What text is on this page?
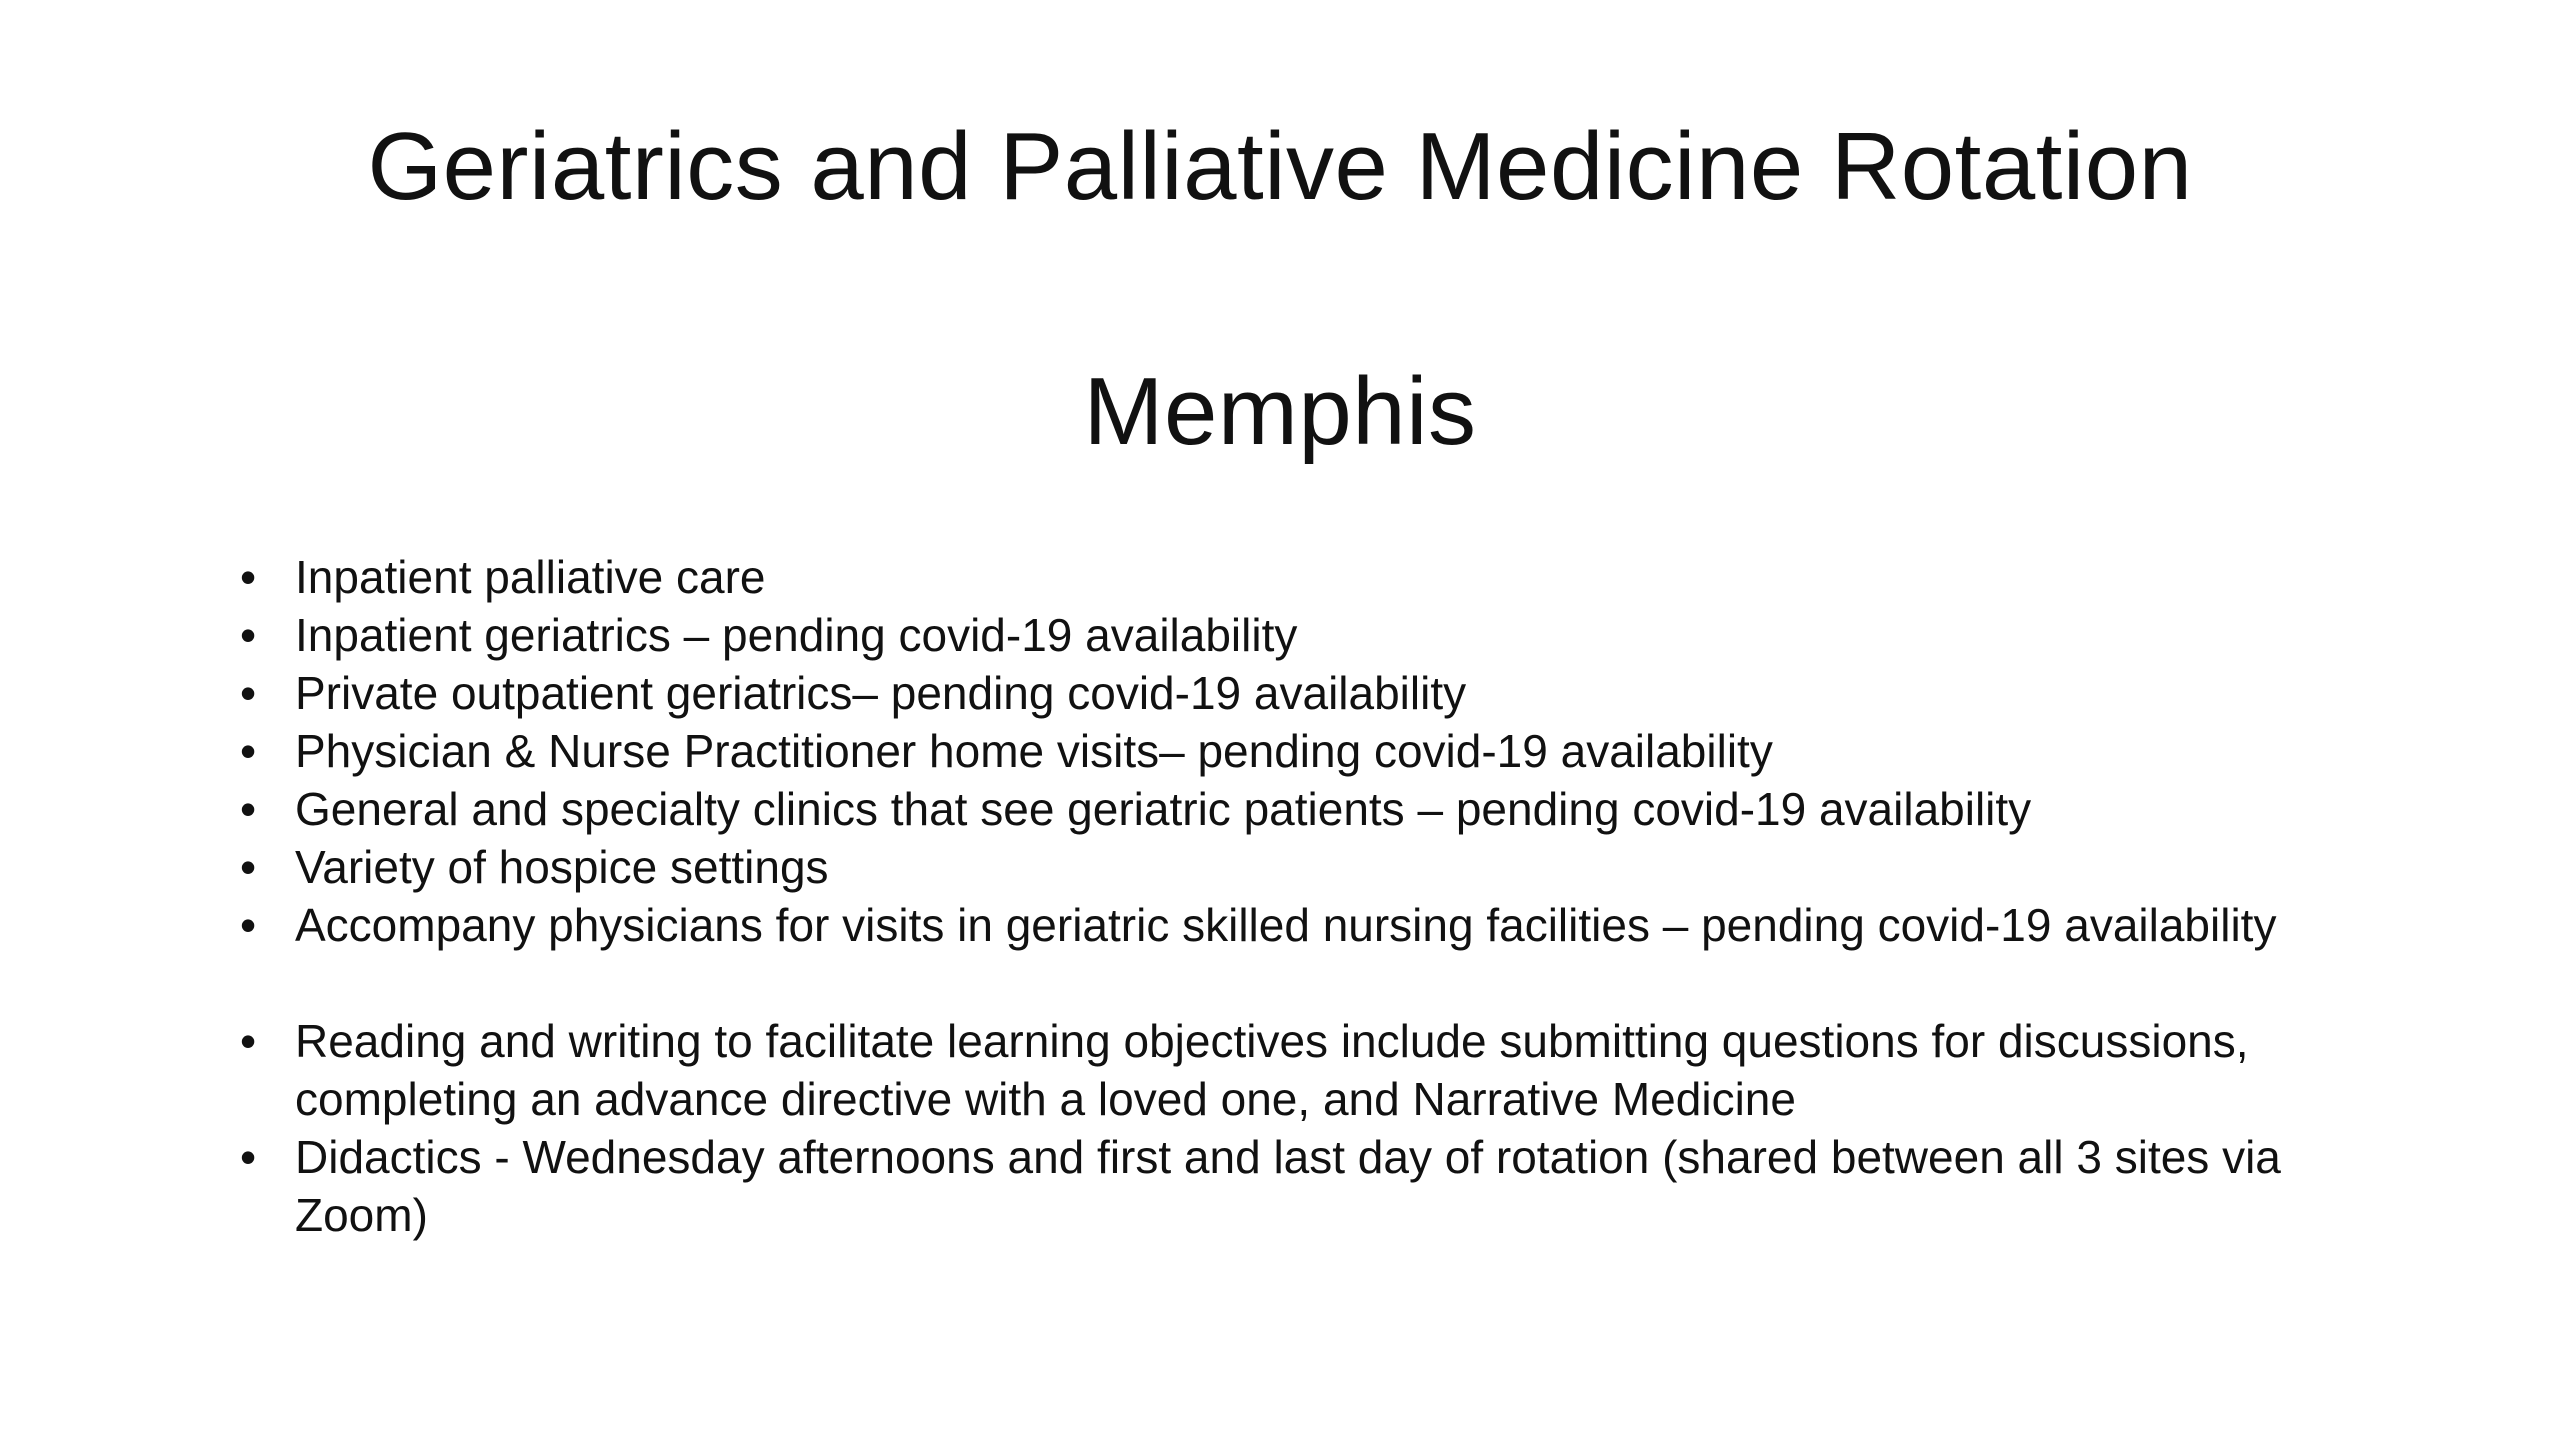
Geriatrics and Palliative Medicine Rotation
Memphis
• Inpatient palliative care
• Inpatient geriatrics – pending covid-19 availability
• Private outpatient geriatrics– pending covid-19 availability
• Physician & Nurse Practitioner home visits– pending covid-19 availability
• General and specialty clinics that see geriatric patients – pending covid-19 availability
• Variety of hospice settings
• Accompany physicians for visits in geriatric skilled nursing facilities – pending covid-19 availability
• Reading and writing to facilitate learning objectives include submitting questions for discussions, completing an advance directive with a loved one, and Narrative Medicine
• Didactics - Wednesday afternoons and first and last day of rotation (shared between all 3 sites via Zoom)
